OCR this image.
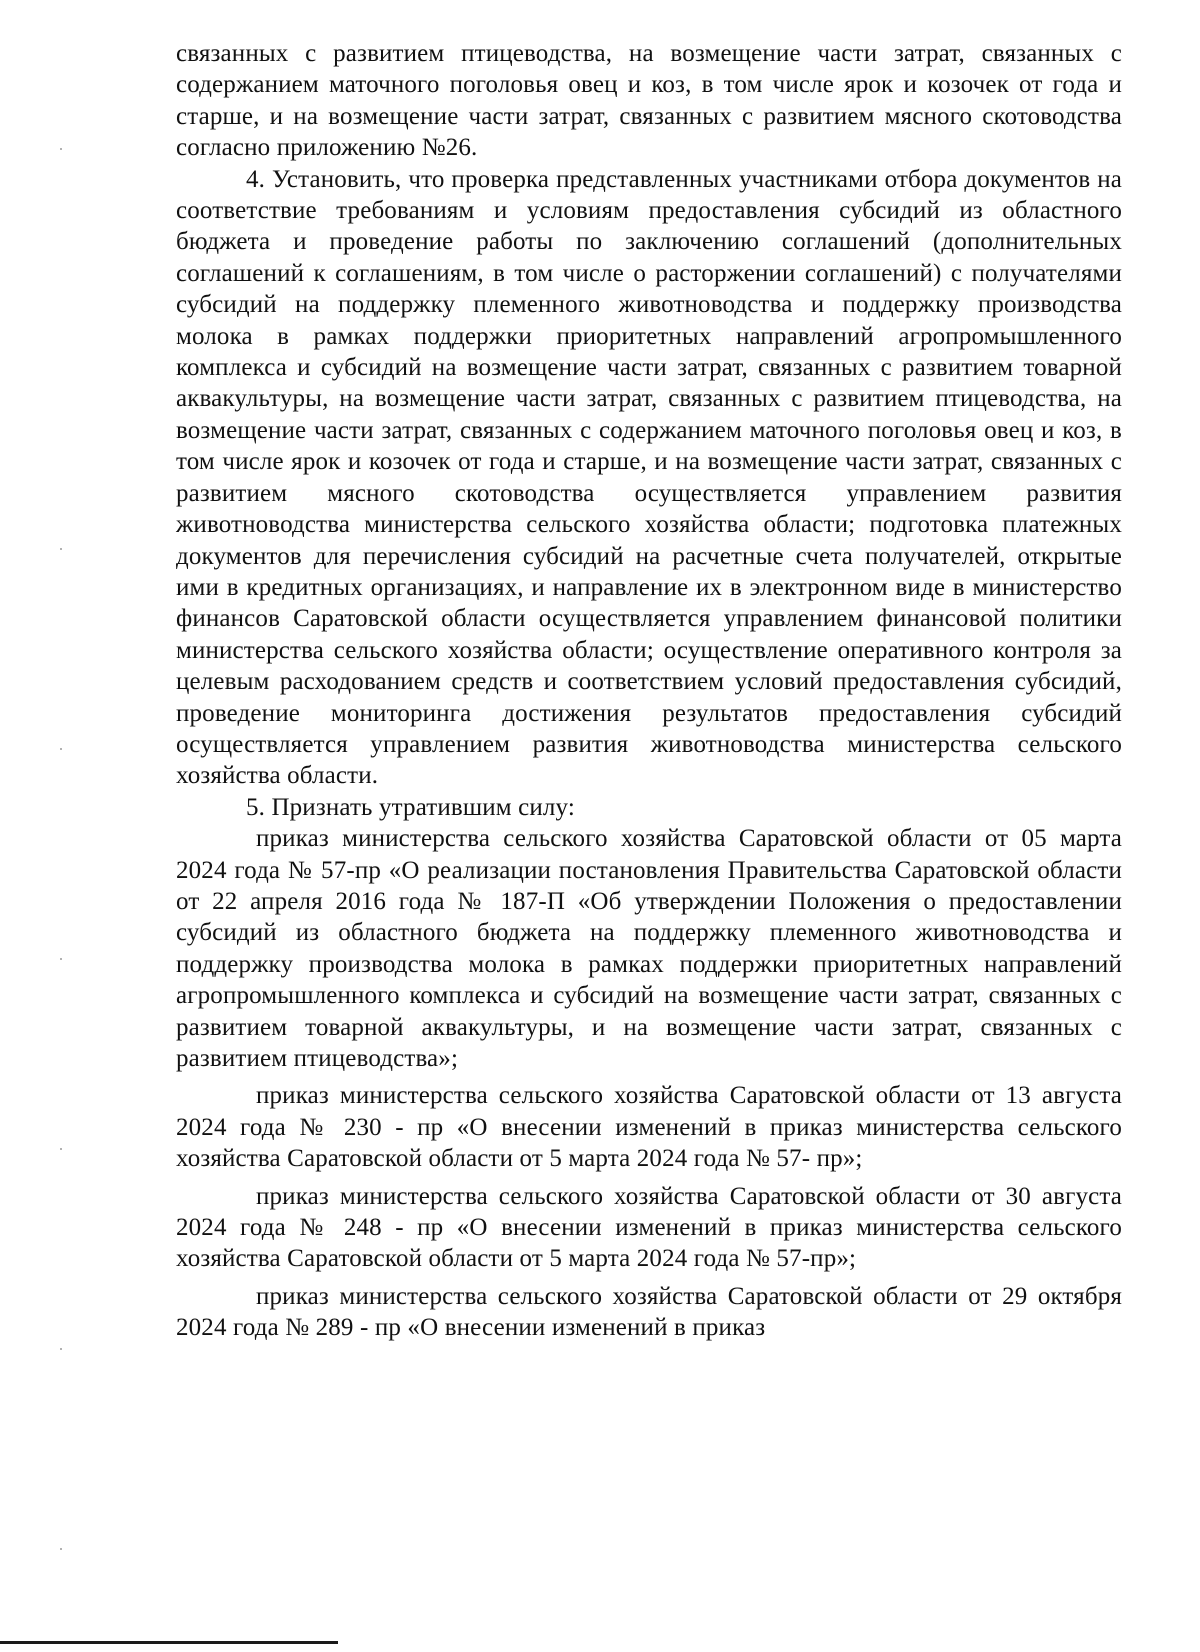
связанных с развитием птицеводства, на возмещение части затрат, связанных с содержанием маточного поголовья овец и коз, в том числе ярок и козочек от года и старше, и на возмещение части затрат, связанных с развитием мясного скотоводства согласно приложению №26.

4. Установить, что проверка представленных участниками отбора документов на соответствие требованиям и условиям предоставления субсидий из областного бюджета и проведение работы по заключению соглашений (дополнительных соглашений к соглашениям, в том числе о расторжении соглашений) с получателями субсидий на поддержку племенного животноводства и поддержку производства молока в рамках поддержки приоритетных направлений агропромышленного комплекса и субсидий на возмещение части затрат, связанных с развитием товарной аквакультуры, на возмещение части затрат, связанных с развитием птицеводства, на возмещение части затрат, связанных с содержанием маточного поголовья овец и коз, в том числе ярок и козочек от года и старше, и на возмещение части затрат, связанных с развитием мясного скотоводства осуществляется управлением развития животноводства министерства сельского хозяйства области; подготовка платежных документов для перечисления субсидий на расчетные счета получателей, открытые ими в кредитных организациях, и направление их в электронном виде в министерство финансов Саратовской области осуществляется управлением финансовой политики министерства сельского хозяйства области; осуществление оперативного контроля за целевым расходованием средств и соответствием условий предоставления субсидий, проведение мониторинга достижения результатов предоставления субсидий осуществляется управлением развития животноводства министерства сельского хозяйства области.

5. Признать утратившим силу:

приказ министерства сельского хозяйства Саратовской области от 05 марта 2024 года № 57-пр «О реализации постановления Правительства Саратовской области от 22 апреля 2016 года № 187-П «Об утверждении Положения о предоставлении субсидий из областного бюджета на поддержку племенного животноводства и поддержку производства молока в рамках поддержки приоритетных направлений агропромышленного комплекса и субсидий на возмещение части затрат, связанных с развитием товарной аквакультуры, и на возмещение части затрат, связанных с развитием птицеводства»;

приказ министерства сельского хозяйства Саратовской области от 13 августа 2024 года № 230 - пр «О внесении изменений в приказ министерства сельского хозяйства Саратовской области от 5 марта 2024 года № 57- пр»;

приказ министерства сельского хозяйства Саратовской области от 30 августа 2024 года № 248 - пр «О внесении изменений в приказ министерства сельского хозяйства Саратовской области от 5 марта 2024 года № 57-пр»;

приказ министерства сельского хозяйства Саратовской области от 29 октября 2024 года № 289 - пр «О внесении изменений в приказ
